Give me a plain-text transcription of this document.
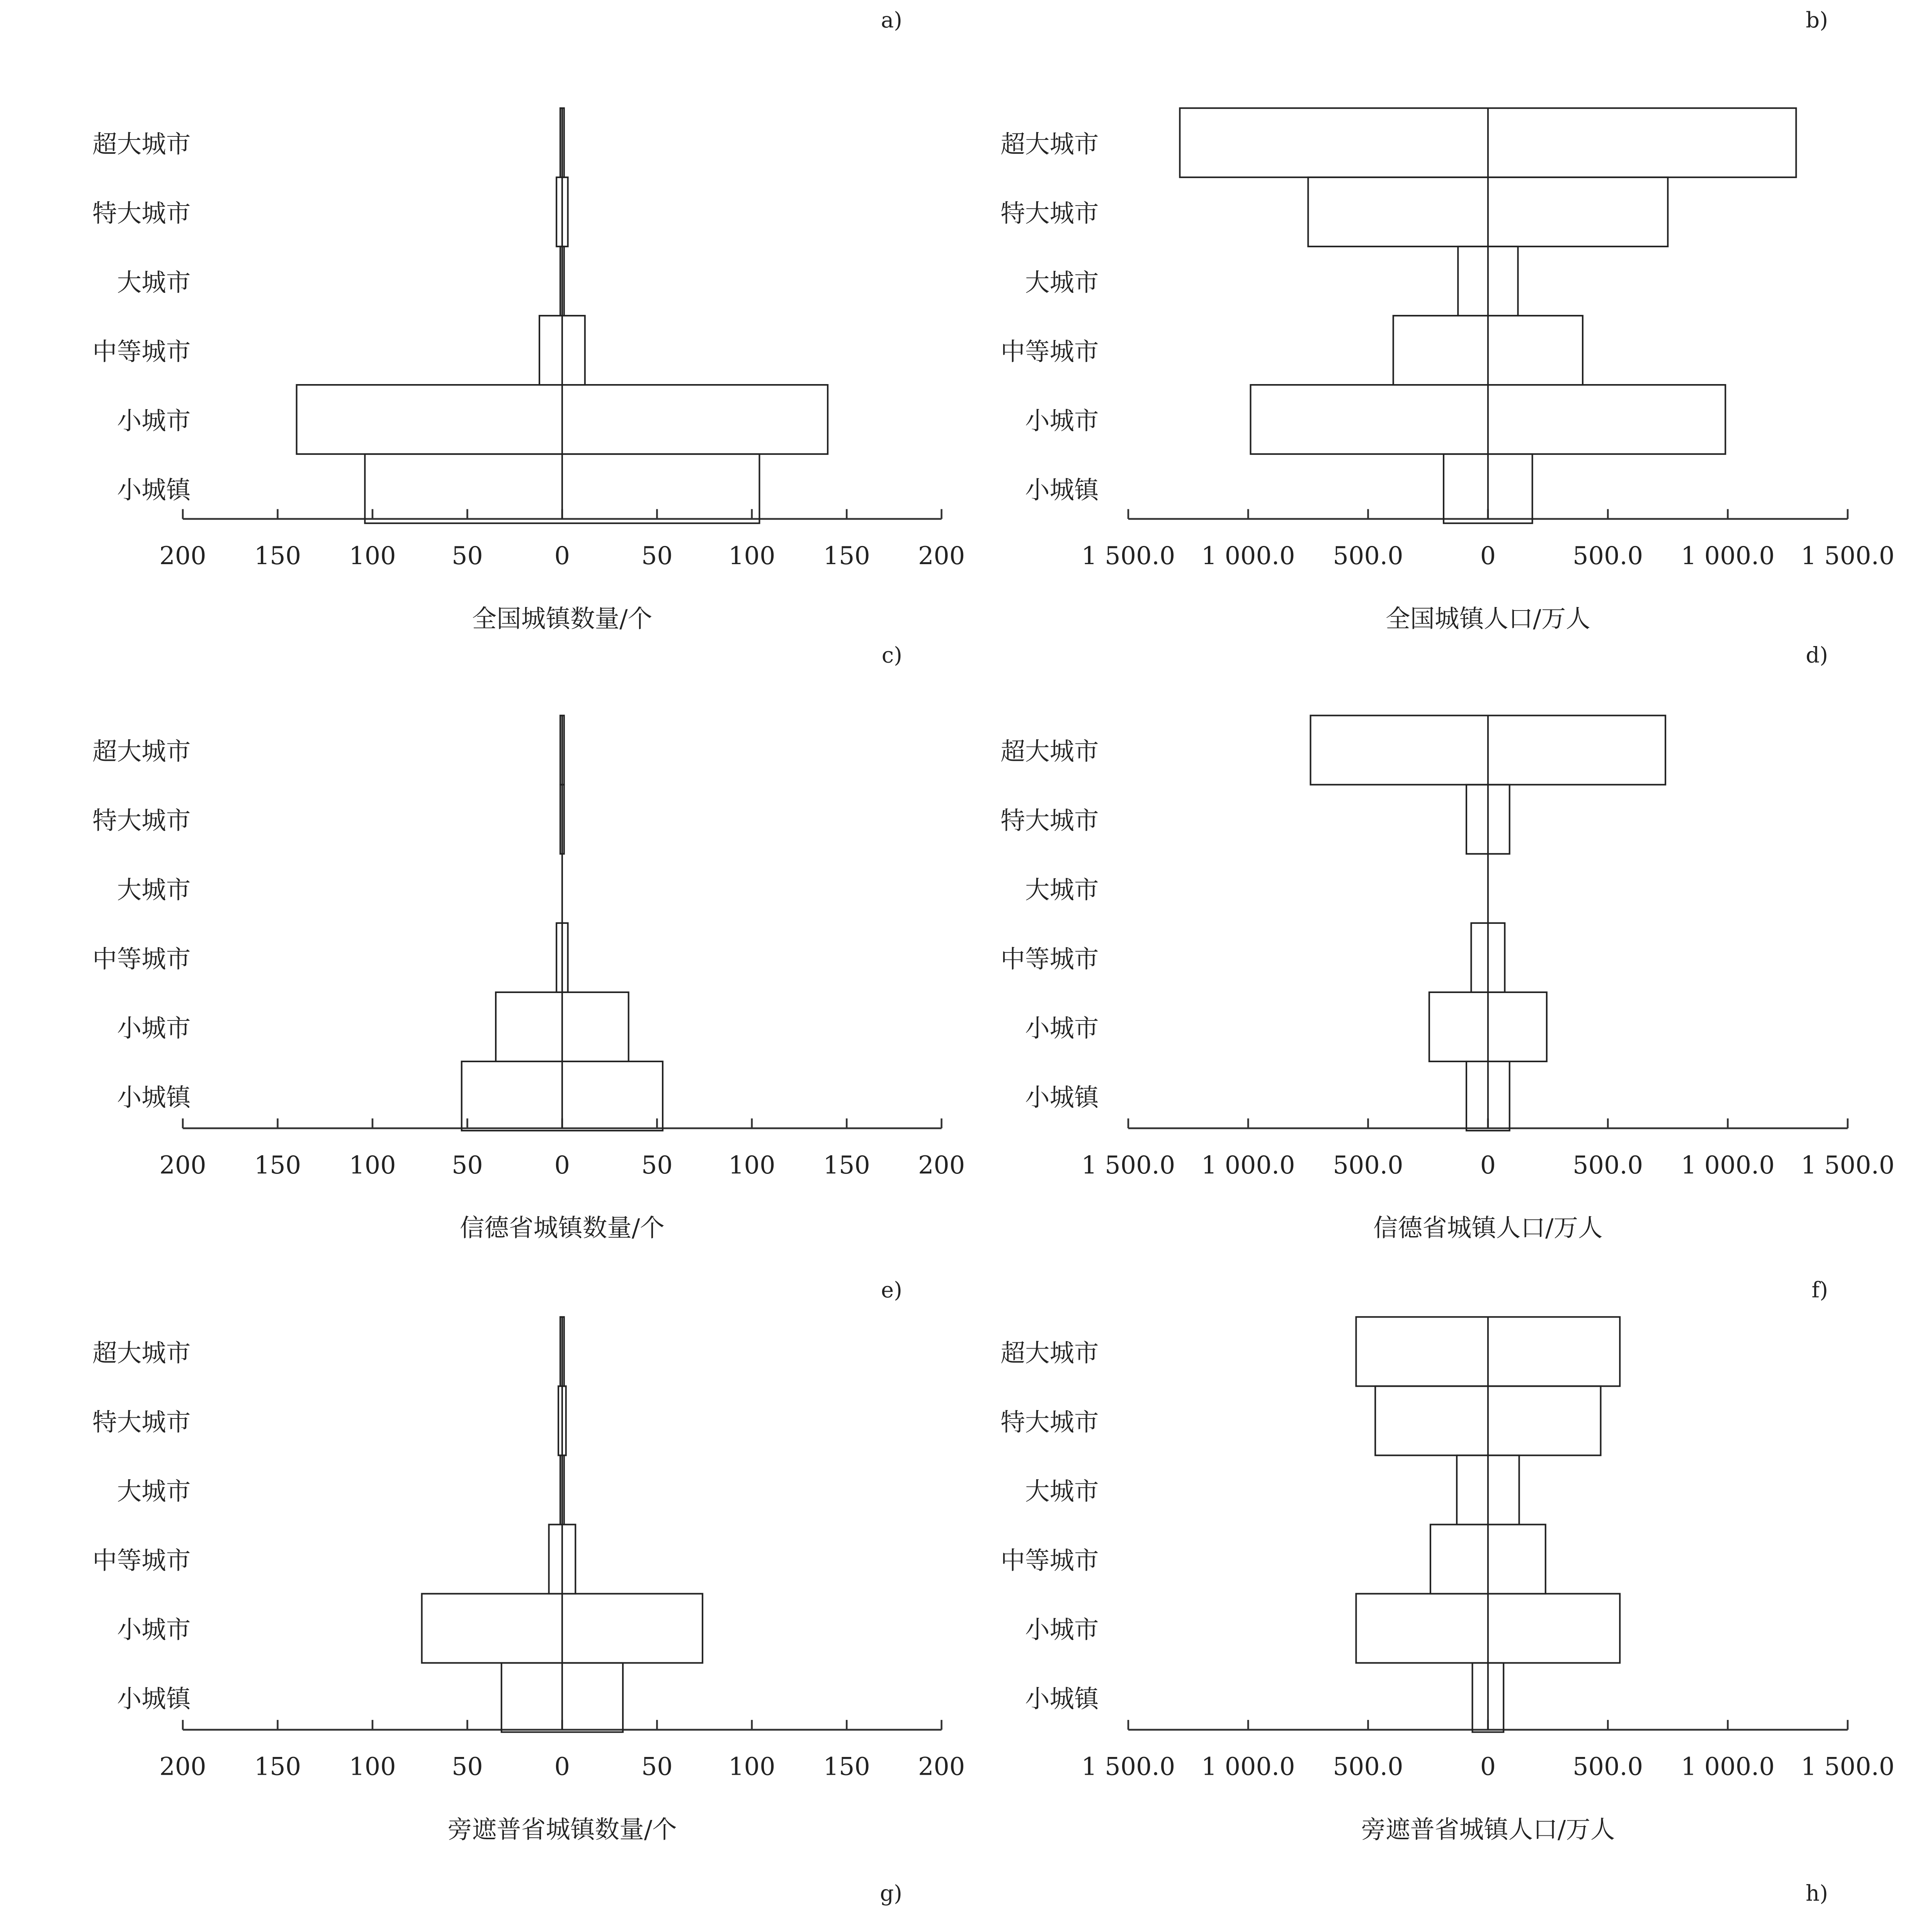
a)
超大城市
特大城市
大城市
中等城市
小城市
小城镇
200 150 100 50	0	50 100 150 200
全国城镇数量/个
b)
超大城市
特大城市
大城市
中等城市
小城市
小城镇
1 500.0 1 000.0 500.0	0	500.0 1 000.0 1 500.0
全国城镇人口/万人
c)
超大城市
特大城市
大城市
中等城市
小城市
小城镇
200 150 100 50	0	50 100 150 200
信德省城镇数量/个
d)
超大城市
特大城市
大城市
中等城市
小城市
小城镇
1 500.0 1 000.0 500.0	0	500.0 1 000.0 1 500.0
信德省城镇人口/万人
e)
超大城市
特大城市
大城市
中等城市
小城市
小城镇
200 150 100 50	0	50 100 150 200
旁遮普省城镇数量/个
f)
超大城市
特大城市
大城市
中等城市
小城市
小城镇
1 500.0 1 000.0 500.0	0	500.0 1 000.0 1 500.0
旁遮普省城镇人口/万人
g)	h)
